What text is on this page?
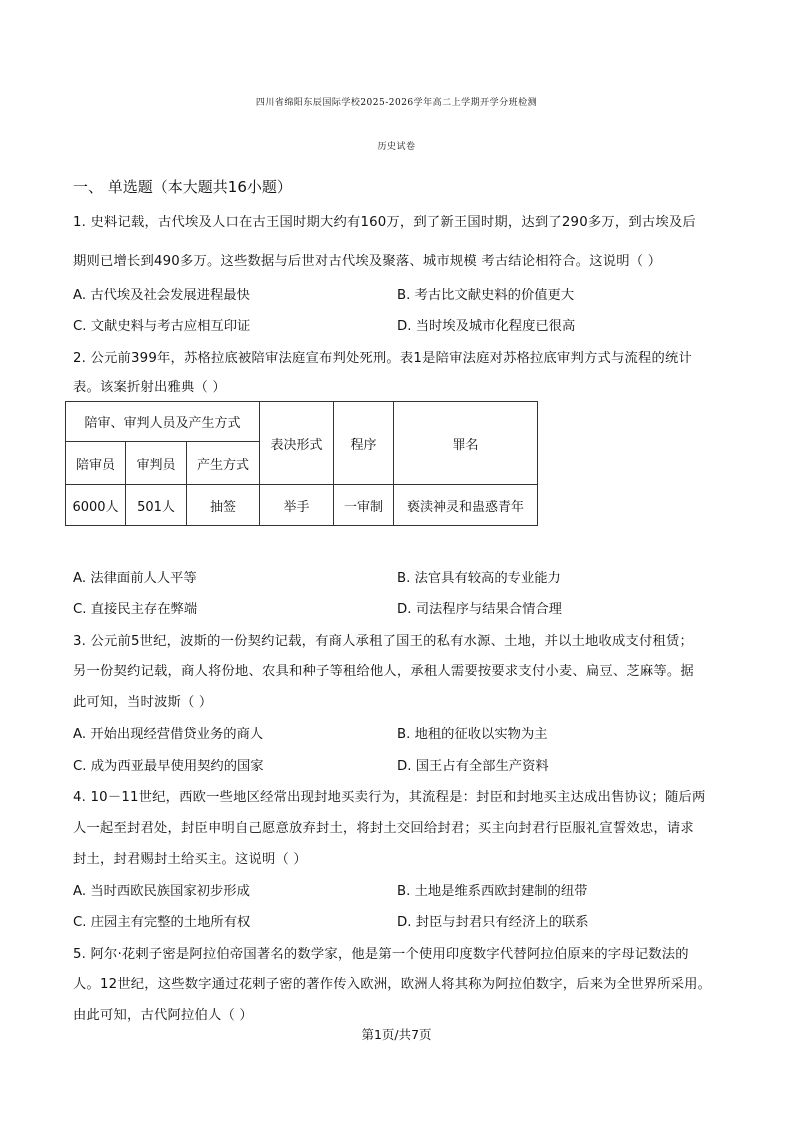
四川省绵阳东辰国际学校2025-2026学年高二上学期开学分班检测
历史试卷
一、 单选题（本大题共16小题）
1. 史料记载，古代埃及人口在古王国时期大约有160万，到了新王国时期，达到了290多万，到古埃及后
期则已增长到490多万。这些数据与后世对古代埃及聚落、城市规模 考古结论相符合。这说明（ ）
A. 古代埃及社会发展进程最快	B. 考古比文献史料的价值更大
C. 文献史料与考古应相互印证	D. 当时埃及城市化程度已很高
2. 公元前399年，苏格拉底被陪审法庭宣布判处死刑。表1是陪审法庭对苏格拉底审判方式与流程的统计
表。该案折射出雅典（ ）
陪审、审判人员及产生方式			表决形式	程序	罪名
陪审员	审判员	产生方式			
6000人	501人	抽签	举手	一审制	亵渎神灵和蛊惑青年
A. 法律面前人人平等	B. 法官具有较高的专业能力
C. 直接民主存在弊端	D. 司法程序与结果合情合理
3. 公元前5世纪，波斯的一份契约记载，有商人承租了国王的私有水源、土地，并以土地收成支付租赁；
另一份契约记载，商人将份地、农具和种子等租给他人，承租人需要按要求支付小麦、扁豆、芝麻等。据
此可知，当时波斯（ ）
A. 开始出现经营借贷业务的商人	B. 地租的征收以实物为主
C. 成为西亚最早使用契约的国家	D. 国王占有全部生产资料
4. 10－11世纪，西欧一些地区经常出现封地买卖行为，其流程是：封臣和封地买主达成出售协议；随后两
人一起至封君处，封臣申明自己愿意放弃封土，将封土交回给封君；买主向封君行臣服礼宣誓效忠，请求
封土，封君赐封土给买主。这说明（ ）
A. 当时西欧民族国家初步形成	B. 土地是维系西欧封建制的纽带
C. 庄园主有完整的土地所有权	D. 封臣与封君只有经济上的联系
5. 阿尔·花剌子密是阿拉伯帝国著名的数学家，他是第一个使用印度数字代替阿拉伯原来的字母记数法的
人。12世纪，这些数字通过花剌子密的著作传入欧洲，欧洲人将其称为阿拉伯数字，后来为全世界所采用。
由此可知，古代阿拉伯人（ ）
第1页/共7页
